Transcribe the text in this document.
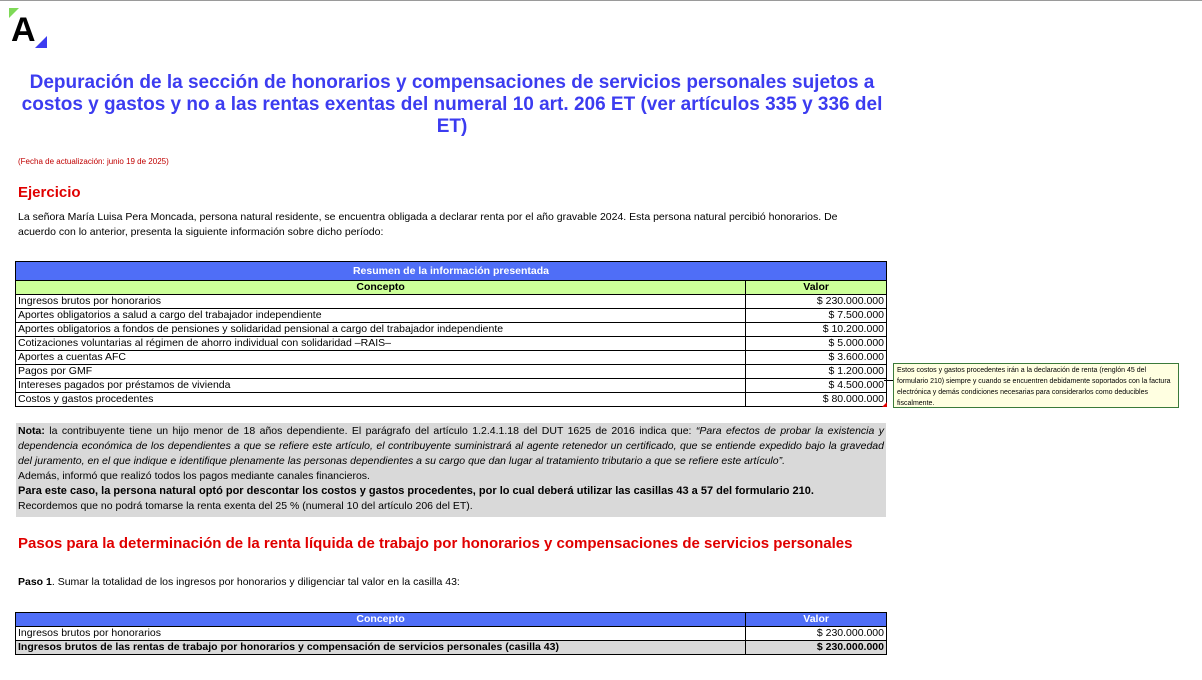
A
Depuración de la sección de honorarios y compensaciones de servicios personales sujetos a costos y gastos y no a las rentas exentas del numeral 10 art. 206 ET (ver artículos 335 y 336 del ET)
(Fecha de actualización: junio 19 de 2025)
Ejercicio
La señora María Luisa Pera Moncada, persona natural residente, se encuentra obligada a declarar renta por el año gravable 2024. Esta persona natural percibió honorarios. De acuerdo con lo anterior, presenta la siguiente información sobre dicho período:
Resumen de la información presentada	
Concepto	Valor
Ingresos brutos por honorarios	$ 230.000.000
Aportes obligatorios a salud a cargo del trabajador independiente	$ 7.500.000
Aportes obligatorios a fondos de pensiones y solidaridad pensional a cargo del trabajador independiente	$ 10.200.000
Cotizaciones voluntarias al régimen de ahorro individual con solidaridad –RAIS–	$ 5.000.000
Aportes a cuentas AFC	$ 3.600.000
Pagos por GMF	$ 1.200.000
Intereses pagados por préstamos de vivienda	$ 4.500.000
Costos y gastos procedentes	$ 80.000.000
Estos costos y gastos procedentes irán a la declaración de renta (renglón 45 del formulario 210) siempre y cuando se encuentren debidamente soportados con la factura electrónica y demás condiciones necesarias para considerarlos como deducibles fiscalmente.
Nota: la contribuyente tiene un hijo menor de 18 años dependiente. El parágrafo del artículo 1.2.4.1.18 del DUT 1625 de 2016 indica que: “Para efectos de probar la existencia y dependencia económica de los dependientes a que se refiere este artículo, el contribuyente suministrará al agente retenedor un certificado, que se entiende expedido bajo la gravedad del juramento, en el que indique e identifique plenamente las personas dependientes a su cargo que dan lugar al tratamiento tributario a que se refiere este artículo”.
Además, informó que realizó todos los pagos mediante canales financieros.
Para este caso, la persona natural optó por descontar los costos y gastos procedentes, por lo cual deberá utilizar las casillas 43 a 57 del formulario 210.
Recordemos que no podrá tomarse la renta exenta del 25 % (numeral 10 del artículo 206 del ET).
Pasos para la determinación de la renta líquida de trabajo por honorarios y compensaciones de servicios personales
Paso 1. Sumar la totalidad de los ingresos por honorarios y diligenciar tal valor en la casilla 43:
Concepto	Valor
Ingresos brutos por honorarios	$ 230.000.000
Ingresos brutos de las rentas de trabajo por honorarios y compensación de servicios personales (casilla 43)	$ 230.000.000
